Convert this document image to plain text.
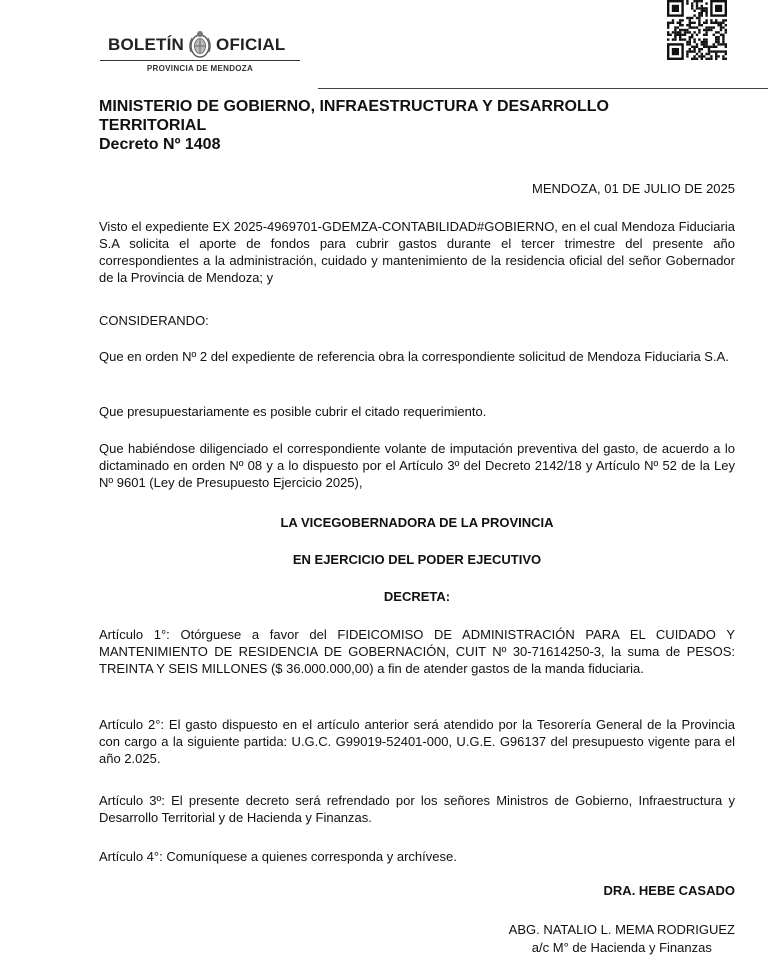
BOLETÍN OFICIAL
PROVINCIA DE MENDOZA
MINISTERIO DE GOBIERNO, INFRAESTRUCTURA Y DESARROLLO
TERRITORIAL
Decreto Nº 1408
MENDOZA, 01 DE JULIO DE 2025
Visto el expediente EX 2025-4969701-GDEMZA-CONTABILIDAD#GOBIERNO, en el cual Mendoza Fiduciaria S.A solicita el aporte de fondos para cubrir gastos durante el tercer trimestre del presente año correspondientes a la administración, cuidado y mantenimiento de la residencia oficial del señor Gobernador de la Provincia de Mendoza; y
CONSIDERANDO:
Que en orden Nº 2 del expediente de referencia obra la correspondiente solicitud de Mendoza Fiduciaria S.A.
Que presupuestariamente es posible cubrir el citado requerimiento.
Que habiéndose diligenciado el correspondiente volante de imputación preventiva del gasto, de acuerdo a lo dictaminado en orden Nº 08 y a lo dispuesto por el Artículo 3º del Decreto 2142/18 y Artículo Nº 52 de la Ley Nº 9601 (Ley de Presupuesto Ejercicio 2025),
LA VICEGOBERNADORA DE LA PROVINCIA
EN EJERCICIO DEL PODER EJECUTIVO
DECRETA:
Artículo 1°: Otórguese a favor del FIDEICOMISO DE ADMINISTRACIÓN PARA EL CUIDADO Y MANTENIMIENTO DE RESIDENCIA DE GOBERNACIÓN, CUIT Nº 30-71614250-3, la suma de PESOS: TREINTA Y SEIS MILLONES ($ 36.000.000,00) a fin de atender gastos de la manda fiduciaria.
Artículo 2°: El gasto dispuesto en el artículo anterior será atendido por la Tesorería General de la Provincia con cargo a la siguiente partida: U.G.C. G99019-52401-000, U.G.E. G96137 del presupuesto vigente para el año 2.025.
Artículo 3º: El presente decreto será refrendado por los señores Ministros de Gobierno, Infraestructura y Desarrollo Territorial y de Hacienda y Finanzas.
Artículo 4°: Comuníquese a quienes corresponda y archívese.
DRA. HEBE CASADO
ABG. NATALIO L. MEMA RODRIGUEZ
a/c M° de Hacienda y Finanzas
